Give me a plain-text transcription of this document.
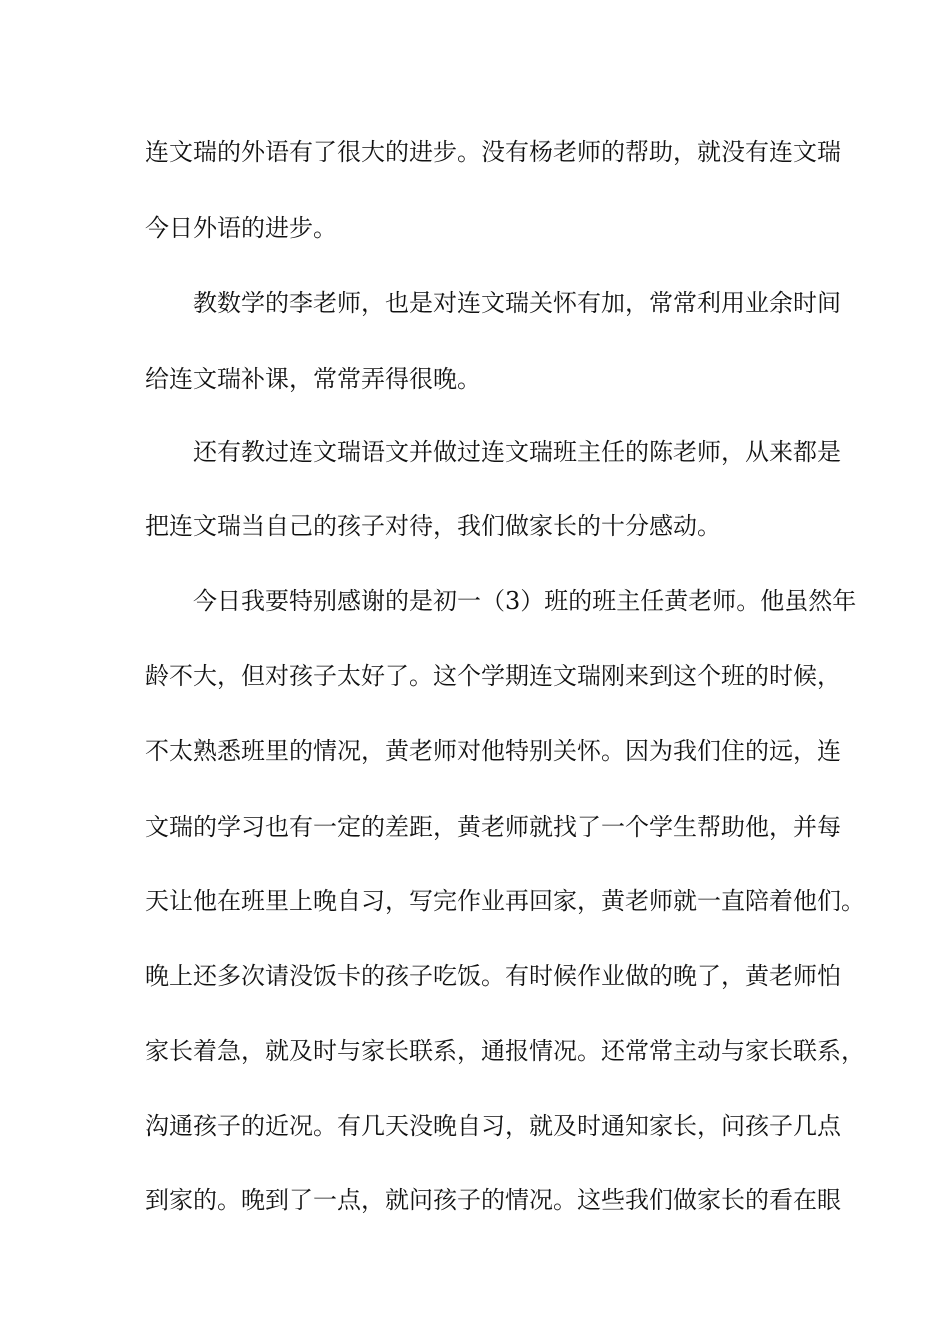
连文瑞的外语有了很大的进步。没有杨老师的帮助，就没有连文瑞
今日外语的进步。
　　教数学的李老师，也是对连文瑞关怀有加，常常利用业余时间
给连文瑞补课，常常弄得很晚。
　　还有教过连文瑞语文并做过连文瑞班主任的陈老师，从来都是
把连文瑞当自己的孩子对待，我们做家长的十分感动。
　　今日我要特别感谢的是初一（3）班的班主任黄老师。他虽然年
龄不大，但对孩子太好了。这个学期连文瑞刚来到这个班的时候，
不太熟悉班里的情况，黄老师对他特别关怀。因为我们住的远，连
文瑞的学习也有一定的差距，黄老师就找了一个学生帮助他，并每
天让他在班里上晚自习，写完作业再回家，黄老师就一直陪着他们。
晚上还多次请没饭卡的孩子吃饭。有时候作业做的晚了，黄老师怕
家长着急，就及时与家长联系，通报情况。还常常主动与家长联系，
沟通孩子的近况。有几天没晚自习，就及时通知家长，问孩子几点
到家的。晚到了一点，就问孩子的情况。这些我们做家长的看在眼
